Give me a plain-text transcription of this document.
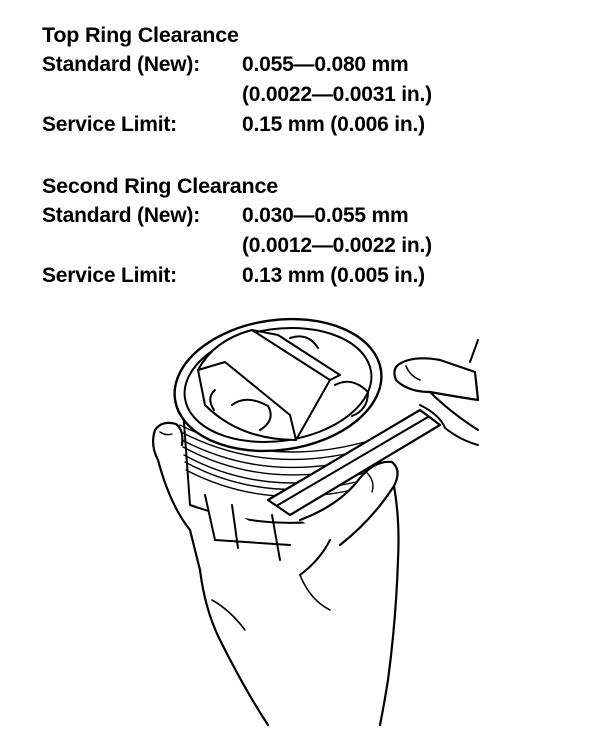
Top Ring Clearance
Standard (New): 0.055—0.080 mm
(0.0022—0.0031 in.)
Service Limit:	0.15 mm (0.006 in.)
Second Ring Clearance
Standard (New): 0.030—0.055 mm
(0.0012—0.0022 in.)
Service Limit:	0.13 mm (0.005 in.)
